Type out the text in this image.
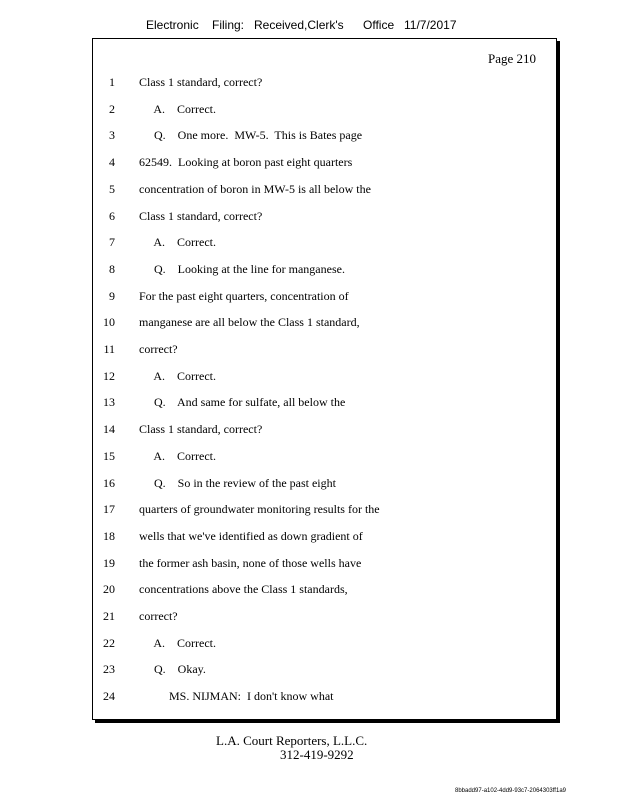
Electronic Filing: Received,Clerk's Office 11/7/2017
Page 210
1 Class 1 standard, correct?
2 A.    Correct.
3 Q.    One more.  MW-5.  This is Bates page
4 62549.  Looking at boron past eight quarters
5 concentration of boron in MW-5 is all below the
6 Class 1 standard, correct?
7 A.    Correct.
8 Q.    Looking at the line for manganese.
9 For the past eight quarters, concentration of
10 manganese are all below the Class 1 standard,
11 correct?
12 A.    Correct.
13 Q.    And same for sulfate, all below the
14 Class 1 standard, correct?
15 A.    Correct.
16 Q.    So in the review of the past eight
17 quarters of groundwater monitoring results for the
18 wells that we've identified as down gradient of
19 the former ash basin, none of those wells have
20 concentrations above the Class 1 standards,
21 correct?
22 A.    Correct.
23 Q.    Okay.
24 MS. NIJMAN:  I don't know what
L.A. Court Reporters, L.L.C.
312-419-9292
8bbadd97-a102-4dd9-93c7-2064303ff1a9
